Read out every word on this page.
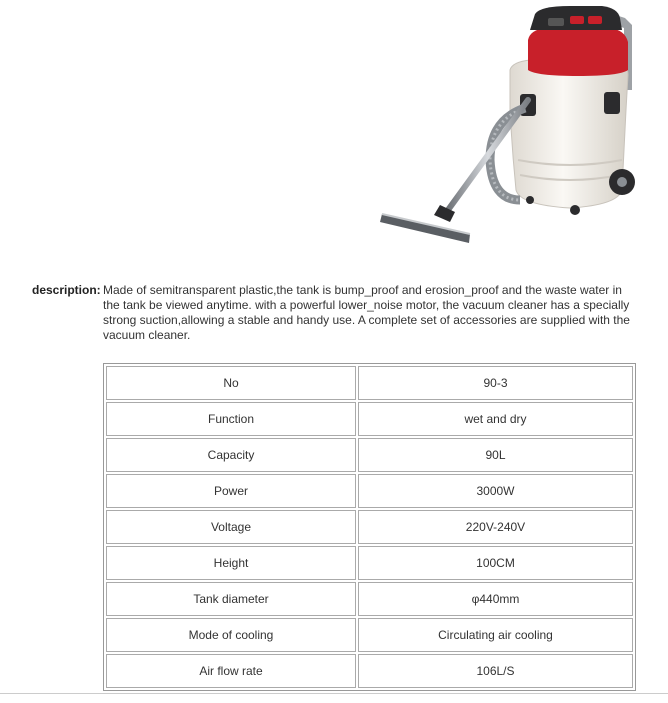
description: Made of semitransparent plastic,the tank is bump_proof and erosion_proof and the waste water in the tank be viewed anytime. with a powerful lower_noise motor, the vacuum cleaner has a specially strong suction,allowing a stable and handy use. A complete set of accessories are supplied with the vacuum cleaner.
No	90-3
Function	wet and dry
Capacity	90L
Power	3000W
Voltage	220V-240V
Height	100CM
Tank diameter	φ440mm
Mode of cooling	Circulating air cooling
Air flow rate	106L/S
